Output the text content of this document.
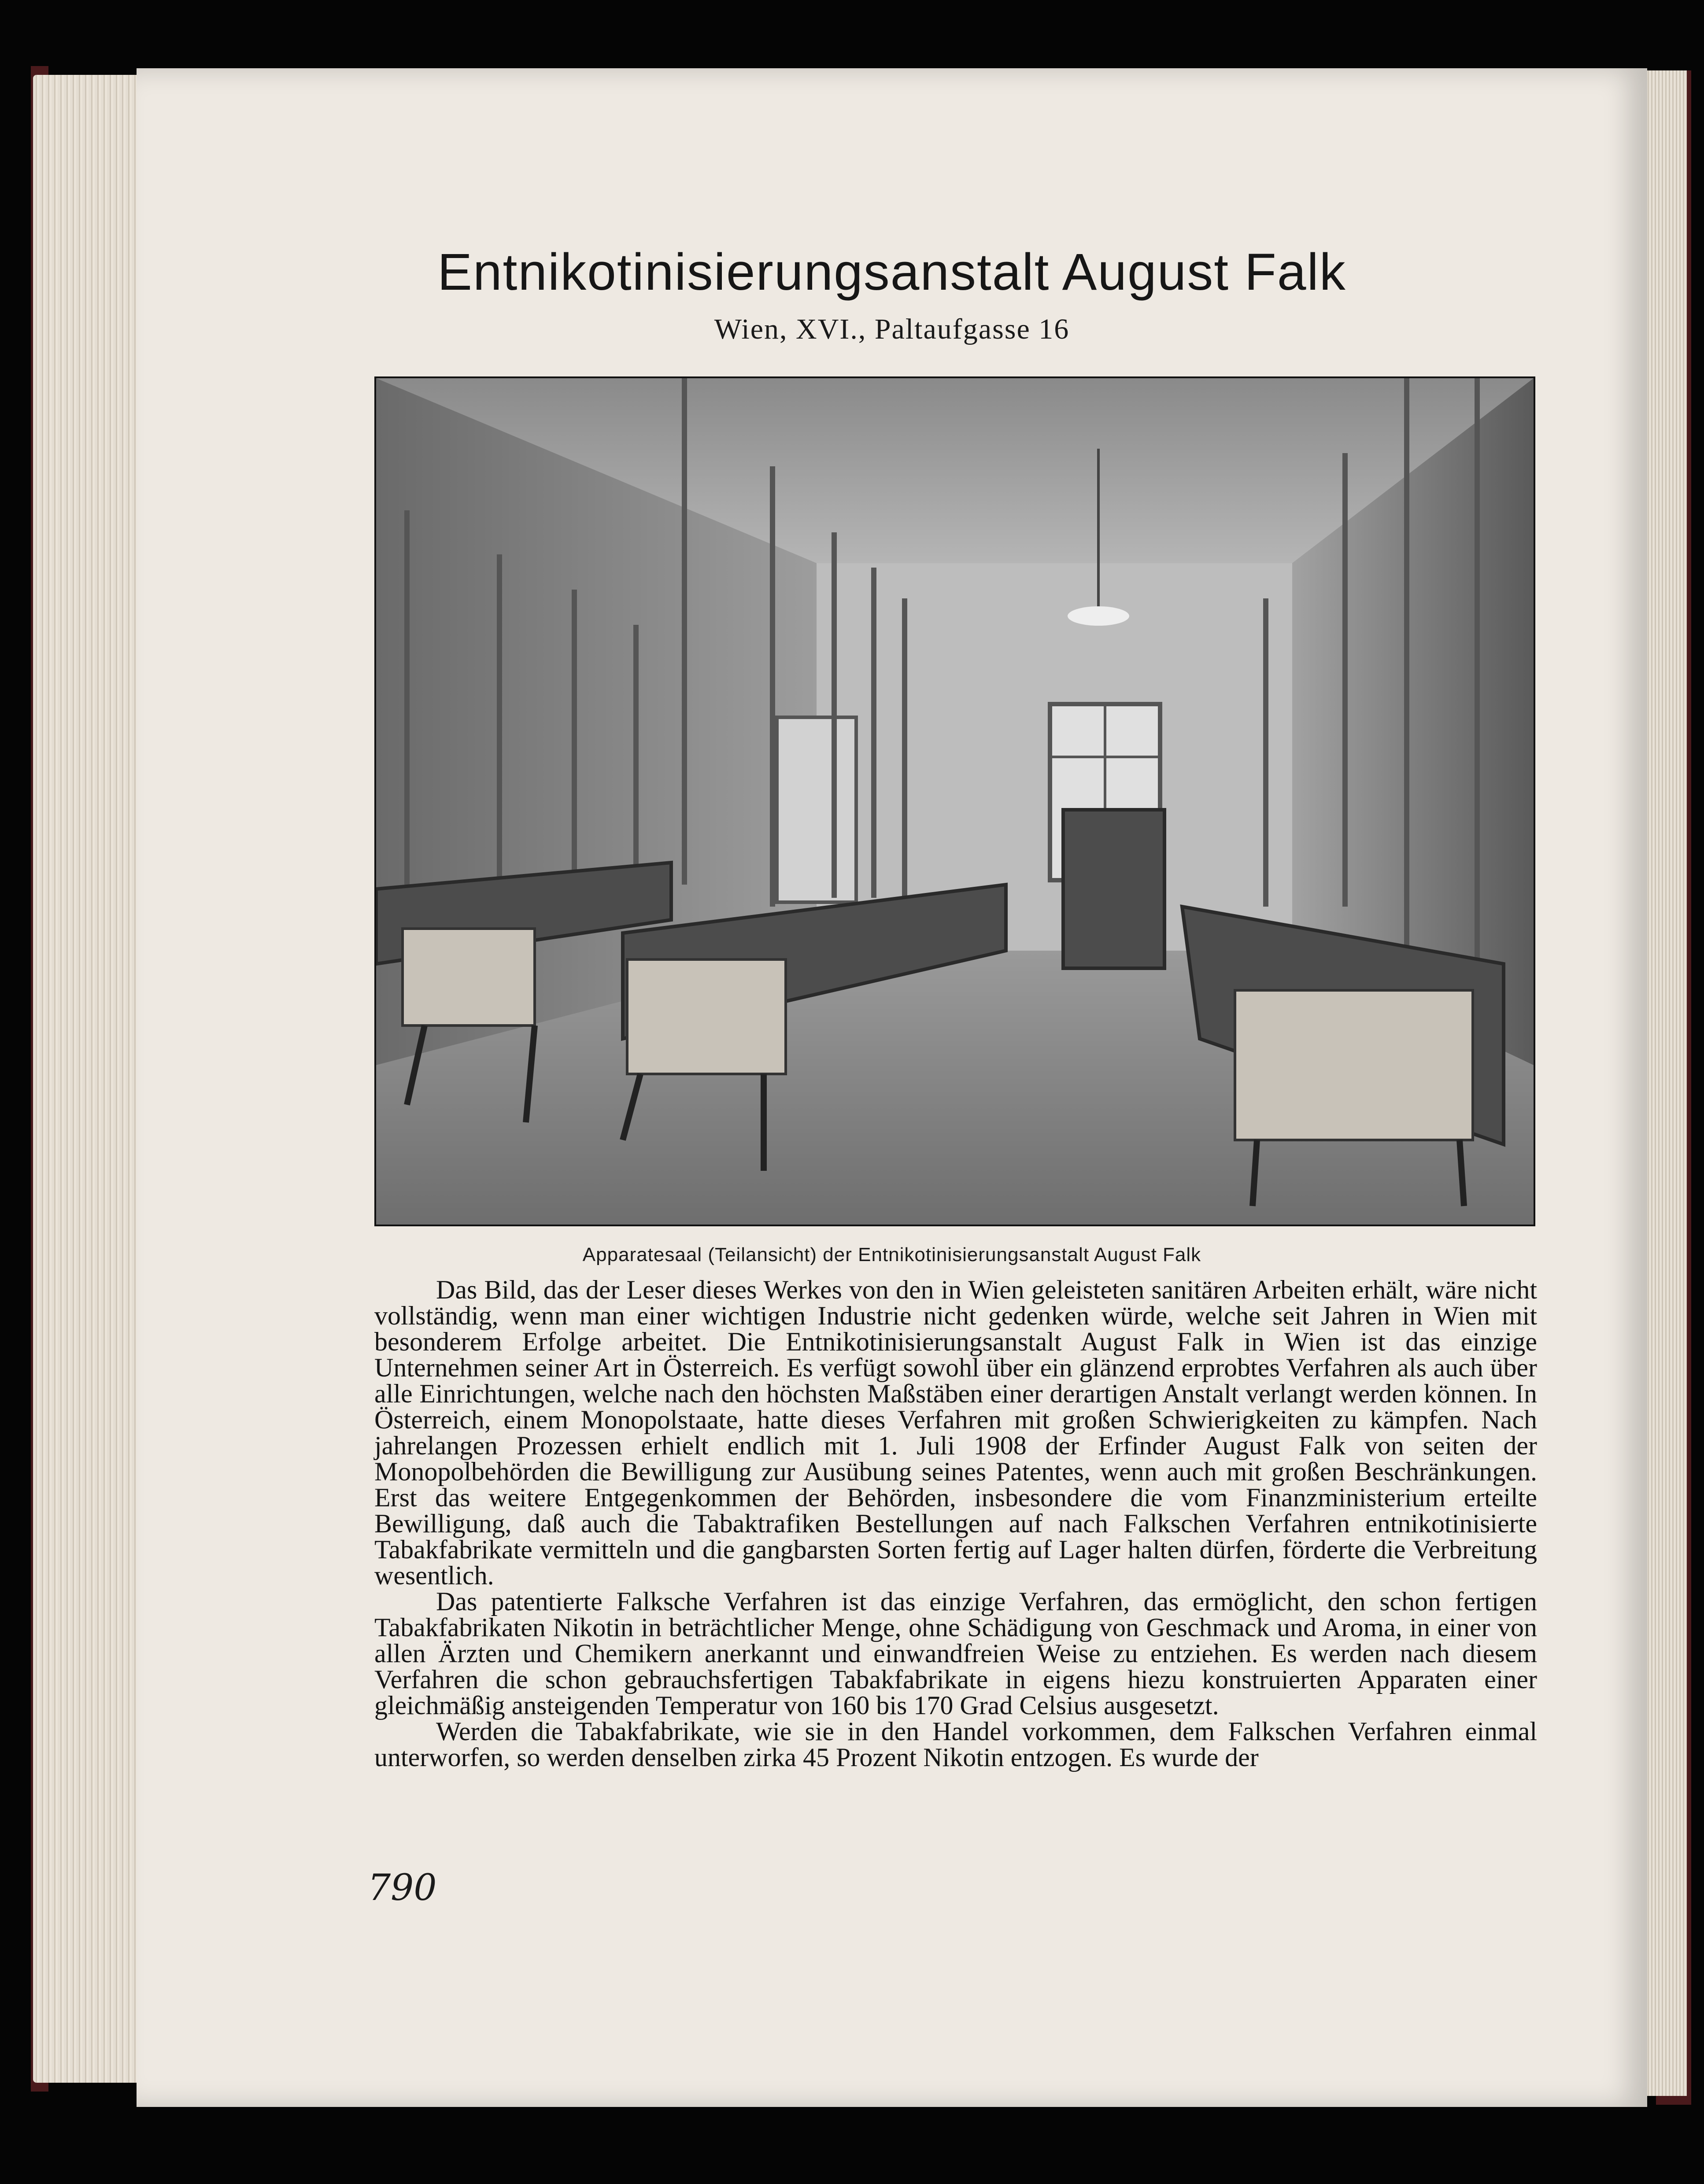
Entnikotinisierungsanstalt August Falk
Wien, XVI., Paltaufgasse 16
Apparatesaal (Teilansicht) der Entnikotinisierungsanstalt August Falk

Das Bild, das der Leser dieses Werkes von den in Wien geleisteten sanitären Arbeiten erhält, wäre nicht vollständig, wenn man einer wichtigen Industrie nicht gedenken würde, welche seit Jahren in Wien mit besonderem Erfolge arbeitet. Die Entnikotinisierungsanstalt August Falk in Wien ist das einzige Unternehmen seiner Art in Österreich. Es verfügt sowohl über ein glänzend erprobtes Verfahren als auch über alle Einrichtungen, welche nach den höchsten Maßstäben einer derartigen Anstalt verlangt werden können. In Österreich, einem Monopolstaate, hatte dieses Verfahren mit großen Schwierigkeiten zu kämpfen. Nach jahrelangen Prozessen erhielt endlich mit 1. Juli 1908 der Erfinder August Falk von seiten der Monopolbehörden die Bewilligung zur Ausübung seines Patentes, wenn auch mit großen Beschränkungen. Erst das weitere Entgegenkommen der Behörden, insbesondere die vom Finanzministerium erteilte Bewilligung, daß auch die Tabaktrafiken Bestellungen auf nach Falkschen Verfahren entnikotinisierte Tabakfabrikate vermitteln und die gangbarsten Sorten fertig auf Lager halten dürfen, förderte die Verbreitung wesentlich.

Das patentierte Falksche Verfahren ist das einzige Verfahren, das ermöglicht, den schon fertigen Tabakfabrikaten Nikotin in beträchtlicher Menge, ohne Schädigung von Geschmack und Aroma, in einer von allen Ärzten und Chemikern anerkannt und einwandfreien Weise zu entziehen. Es werden nach diesem Verfahren die schon gebrauchsfertigen Tabakfabrikate in eigens hiezu konstruierten Apparaten einer gleichmäßig ansteigenden Temperatur von 160 bis 170 Grad Celsius ausgesetzt.

Werden die Tabakfabrikate, wie sie in den Handel vorkommen, dem Falkschen Verfahren einmal unterworfen, so werden denselben zirka 45 Prozent Nikotin entzogen. Es wurde der

790
